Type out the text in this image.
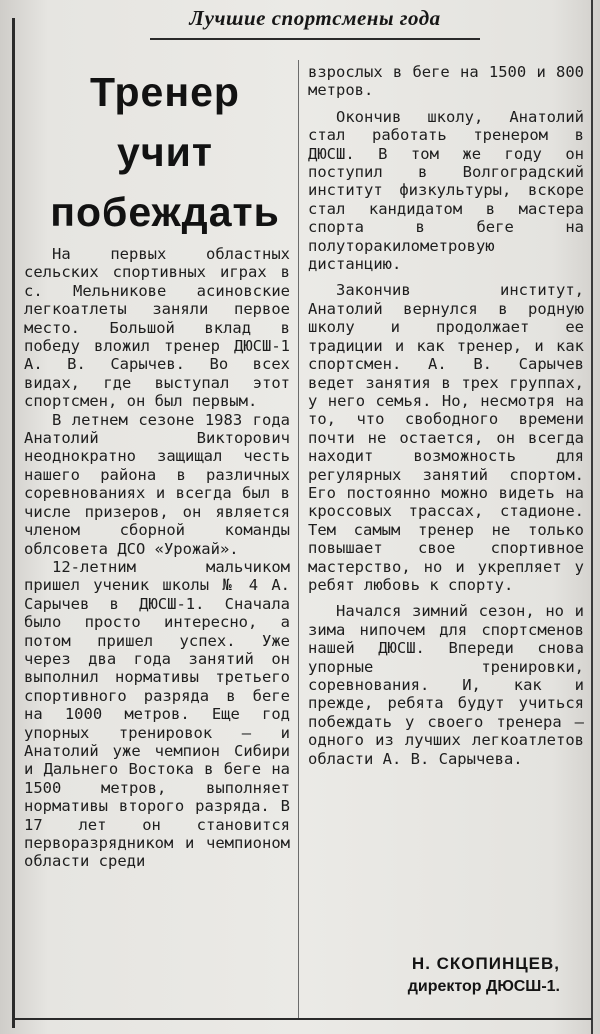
Лучшие спортсмены года
Тренер
учит
побеждать

На первых областных сельских спортивных играх в с. Мельникове асиновские легкоатлеты заняли первое место. Большой вклад в победу вложил тренер ДЮСШ-1 А. В. Сарычев. Во всех видах, где выступал этот спортсмен, он был первым.

В летнем сезоне 1983 года Анатолий Викторович неоднократно защищал честь нашего района в различных соревнованиях и всегда был в числе призеров, он является членом сборной команды облсовета ДСО «Урожай».

12-летним мальчиком пришел ученик школы № 4 А. Сарычев в ДЮСШ-1. Сначала было просто интересно, а потом пришел успех. Уже через два года занятий он выполнил нормативы третьего спортивного разряда в беге на 1000 метров. Еще год упорных тренировок — и Анатолий уже чемпион Сибири и Дальнего Востока в беге на 1500 метров, выполняет нормативы второго разряда. В 17 лет он становится перворазрядником и чемпионом области среди

взрослых в беге на 1500 и 800 метров.

Окончив школу, Анатолий стал работать тренером в ДЮСШ. В том же году он поступил в Волгоградский институт физкультуры, вскоре стал кандидатом в мастера спорта в беге на полуторакилометровую дистанцию.

Закончив институт, Анатолий вернулся в родную школу и продолжает ее традиции и как тренер, и как спортсмен. А. В. Сарычев ведет занятия в трех группах, у него семья. Но, несмотря на то, что свободного времени почти не остается, он всегда находит возможность для регулярных занятий спортом. Его постоянно можно видеть на кроссовых трассах, стадионе. Тем самым тренер не только повышает свое спортивное мастерство, но и укрепляет у ребят любовь к спорту.

Начался зимний сезон, но и зима нипочем для спортсменов нашей ДЮСШ. Впереди снова упорные тренировки, соревнования. И, как и прежде, ребята будут учиться побеждать у своего тренера — одного из лучших легкоатлетов области А. В. Сарычева.

Н. СКОПИНЦЕВ,
директор ДЮСШ-1.
